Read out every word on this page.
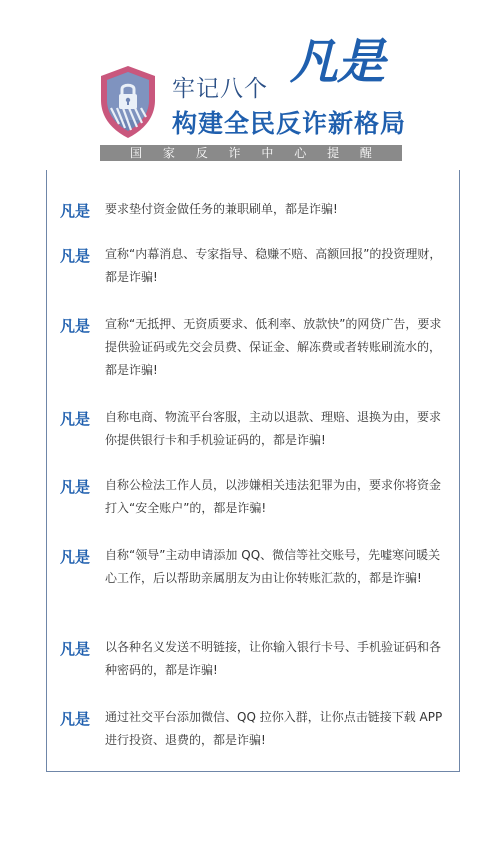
牢记八个 凡是
构建全民反诈新格局
国 家 反 诈 中 心 提 醒
凡是 要求垫付资金做任务的兼职刷单，都是诈骗!
凡是 宣称“内幕消息、专家指导、稳赚不赔、高额回报”的投资理财，都是诈骗!
凡是 宣称“无抵押、无资质要求、低利率、放款快”的网贷广告，要求提供验证码或先交会员费、保证金、解冻费或者转账刷流水的，都是诈骗!
凡是 自称电商、物流平台客服，主动以退款、理赔、退换为由，要求你提供银行卡和手机验证码的，都是诈骗!
凡是 自称公检法工作人员，以涉嫌相关违法犯罪为由，要求你将资金打入“安全账户”的，都是诈骗!
凡是 自称“领导”主动申请添加 QQ、微信等社交账号，先嘘寒问暖关心工作，后以帮助亲属朋友为由让你转账汇款的，都是诈骗!
凡是 以各种名义发送不明链接，让你输入银行卡号、手机验证码和各种密码的，都是诈骗!
凡是 通过社交平台添加微信、QQ 拉你入群，让你点击链接下载 APP 进行投资、退费的，都是诈骗!
